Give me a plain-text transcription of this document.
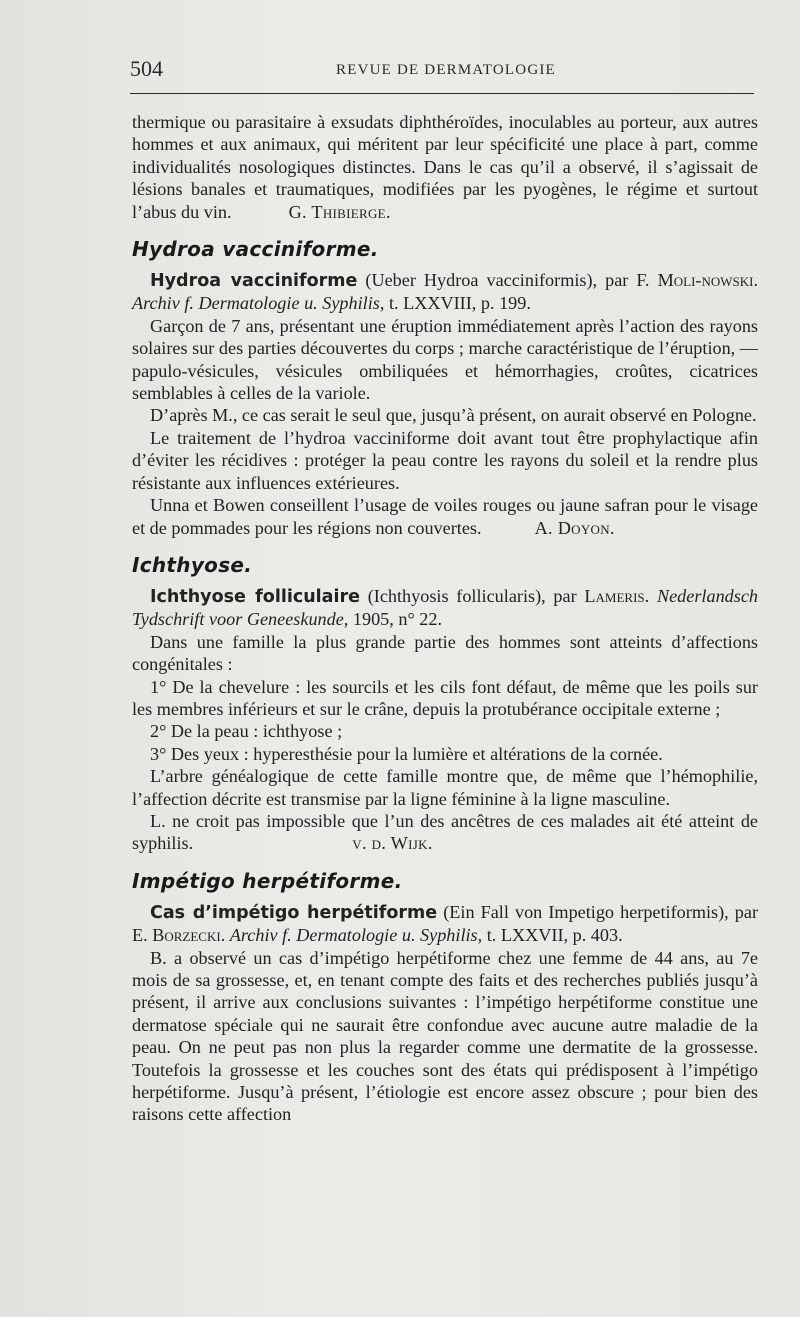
504	REVUE DE DERMATOLOGIE

thermique ou parasitaire à exsudats diphthéroïdes, inoculables au porteur, aux autres hommes et aux animaux, qui méritent par leur spécificité une place à part, comme individualités nosologiques distinctes. Dans le cas qu’il a observé, il s’agissait de lésions banales et traumatiques, modifiées par les pyogènes, le régime et surtout l’abus du vin.	G. Thibierge.

Hydroa vacciniforme.

Hydroa vacciniforme (Ueber Hydroa vacciniformis), par F. Moli-nowski. Archiv f. Dermatologie u. Syphilis, t. LXXVIII, p. 199.

Garçon de 7 ans, présentant une éruption immédiatement après l’action des rayons solaires sur des parties découvertes du corps ; marche caractéristique de l’éruption, — papulo-vésicules, vésicules ombiliquées et hémorrhagies, croûtes, cicatrices semblables à celles de la variole.

D’après M., ce cas serait le seul que, jusqu’à présent, on aurait observé en Pologne.

Le traitement de l’hydroa vacciniforme doit avant tout être prophylactique afin d’éviter les récidives : protéger la peau contre les rayons du soleil et la rendre plus résistante aux influences extérieures.

Unna et Bowen conseillent l’usage de voiles rouges ou jaune safran pour le visage et de pommades pour les régions non couvertes.	A. Doyon.

Ichthyose.

Ichthyose folliculaire (Ichthyosis follicularis), par Lameris. Nederlandsch Tydschrift voor Geneeskunde, 1905, n° 22.

Dans une famille la plus grande partie des hommes sont atteints d’affections congénitales :

1° De la chevelure : les sourcils et les cils font défaut, de même que les poils sur les membres inférieurs et sur le crâne, depuis la protubérance occipitale externe ;

2° De la peau : ichthyose ;

3° Des yeux : hyperesthésie pour la lumière et altérations de la cornée.

L’arbre généalogique de cette famille montre que, de même que l’hémophilie, l’affection décrite est transmise par la ligne féminine à la ligne masculine.

L. ne croit pas impossible que l’un des ancêtres de ces malades ait été atteint de syphilis.	v. d. Wijk.

Impétigo herpétiforme.

Cas d’impétigo herpétiforme (Ein Fall von Impetigo herpetiformis), par E. Borzecki. Archiv f. Dermatologie u. Syphilis, t. LXXVII, p. 403.

B. a observé un cas d’impétigo herpétiforme chez une femme de 44 ans, au 7e mois de sa grossesse, et, en tenant compte des faits et des recherches publiés jusqu’à présent, il arrive aux conclusions suivantes : l’impétigo herpétiforme constitue une dermatose spéciale qui ne saurait être confondue avec aucune autre maladie de la peau. On ne peut pas non plus la regarder comme une dermatite de la grossesse. Toutefois la grossesse et les couches sont des états qui prédisposent à l’impétigo herpétiforme. Jusqu’à présent, l’étiologie est encore assez obscure ; pour bien des raisons cette affection
